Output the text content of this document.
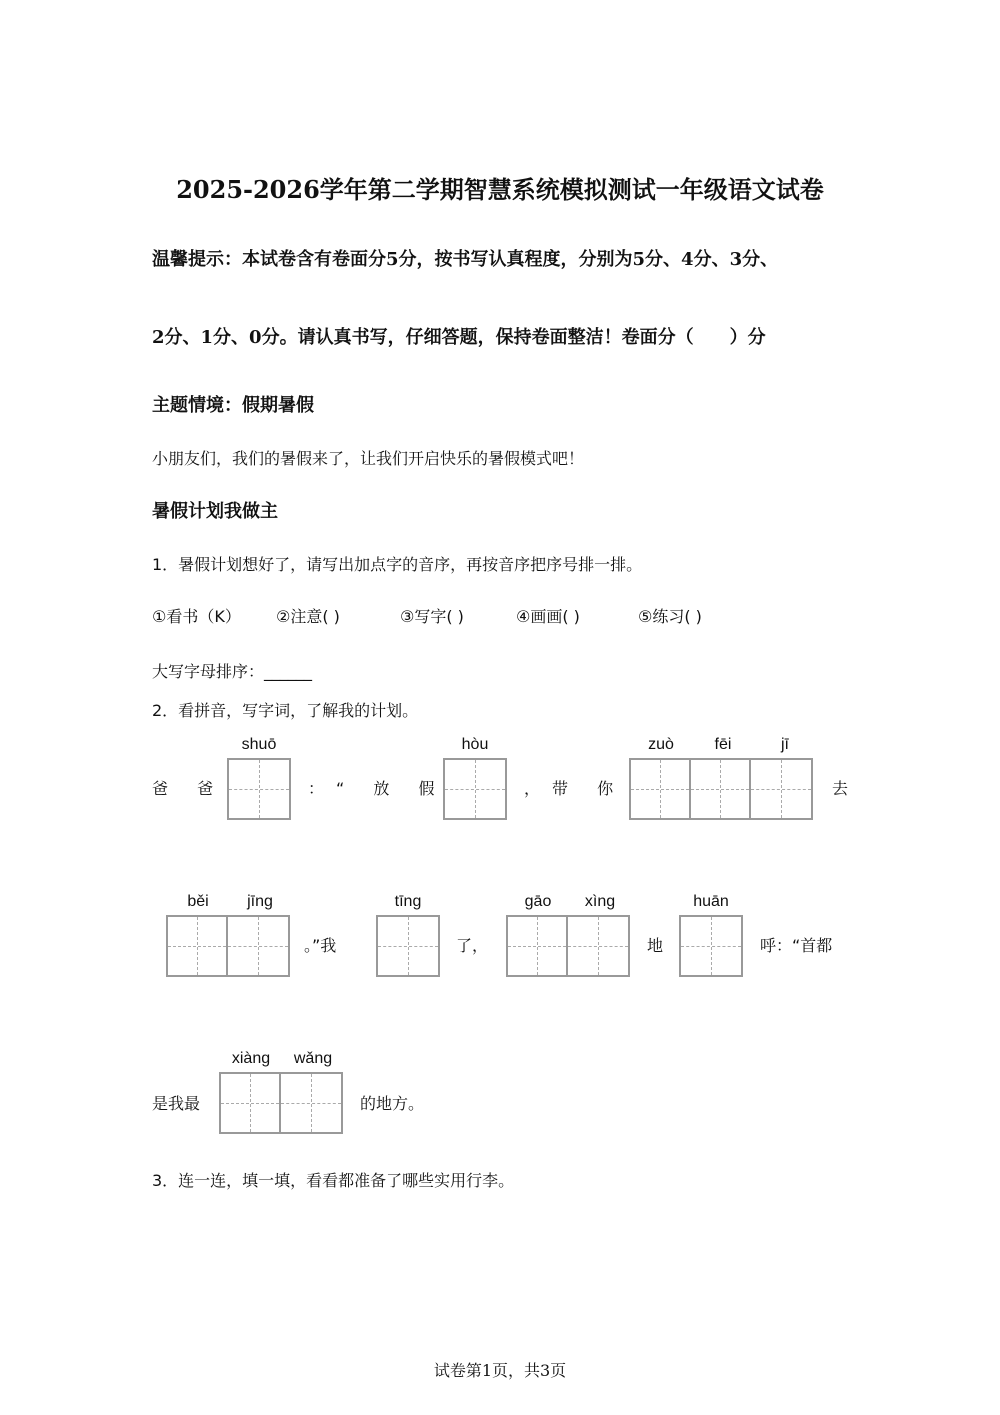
2025-2026学年第二学期智慧系统模拟测试一年级语文试卷
温馨提示：本试卷含有卷面分5分，按书写认真程度，分别为5分、4分、3分、
2分、1分、0分。请认真书写，仔细答题，保持卷面整洁！卷面分（　　）分
主题情境：假期暑假
小朋友们，我们的暑假来了，让我们开启快乐的暑假模式吧！
暑假计划我做主
1．暑假计划想好了，请写出加点字的音序，再按音序把序号排一排。
①看书（K） ②注意( )	③写字( )	④画画( )	⑤练习( )
大写字母排序：______
2．看拼音，写字词，了解我的计划。
爸 爸
shuō
：“ 放 假
hòu
，带 你
zuò	fēi	jī
去
běi	jīng
。”我
tīng
了，
gāo	xìng
地
huān
呼：“首都
是我最
xiàng	wǎng
的地方。
3．连一连，填一填，看看都准备了哪些实用行李。
试卷第1页，共3页
